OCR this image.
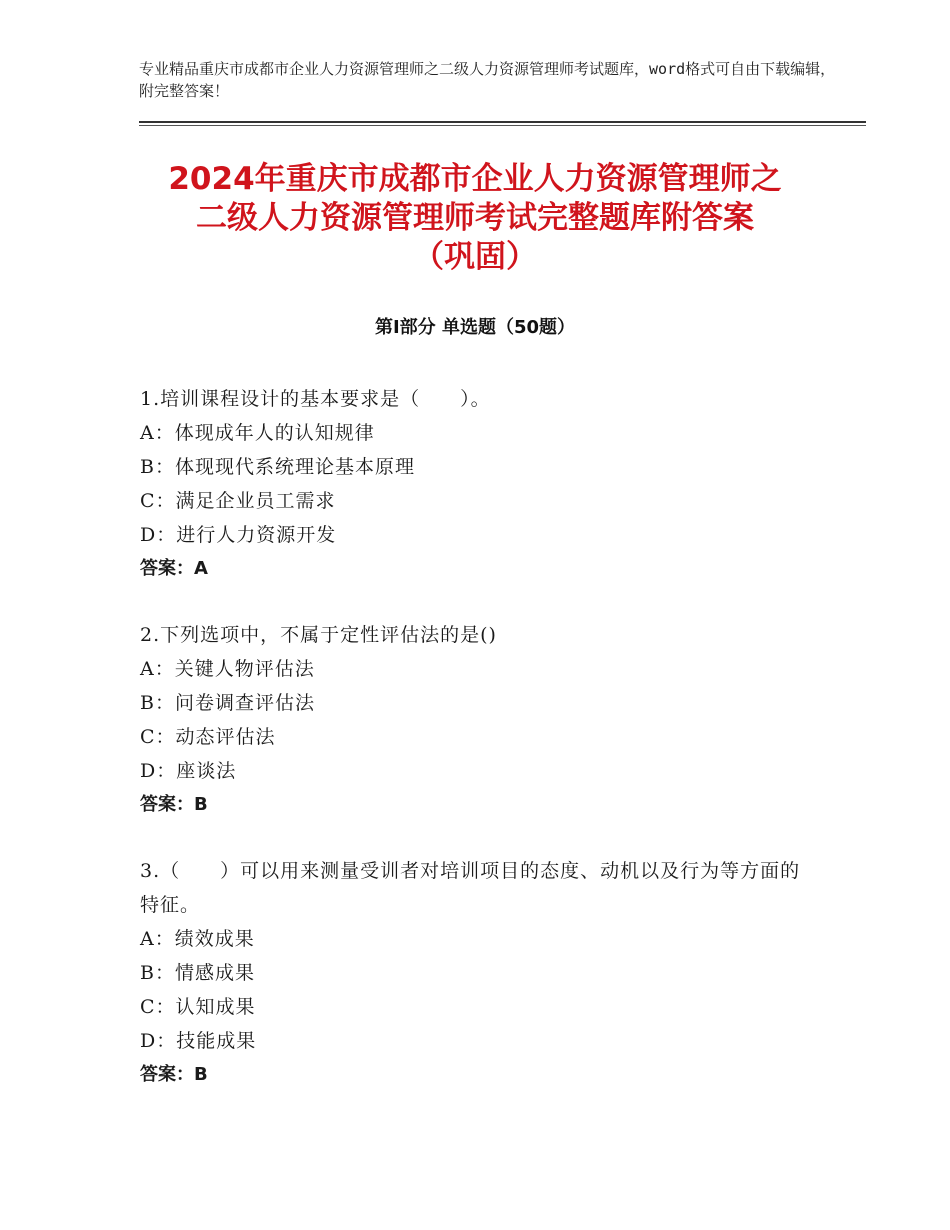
专业精品重庆市成都市企业人力资源管理师之二级人力资源管理师考试题库，word格式可自由下载编辑，附完整答案！
2024年重庆市成都市企业人力资源管理师之
二级人力资源管理师考试完整题库附答案
（巩固）
第Ⅰ部分 单选题（50题）

1.培训课程设计的基本要求是（　　）。

A：体现成年人的认知规律

B：体现现代系统理论基本原理

C：满足企业员工需求

D：进行人力资源开发

答案：A

2.下列选项中，不属于定性评估法的是()

A：关键人物评估法

B：问卷调查评估法

C：动态评估法

D：座谈法

答案：B

3.（　　）可以用来测量受训者对培训项目的态度、动机以及行为等方面的特征。

A：绩效成果

B：情感成果

C：认知成果

D：技能成果

答案：B
